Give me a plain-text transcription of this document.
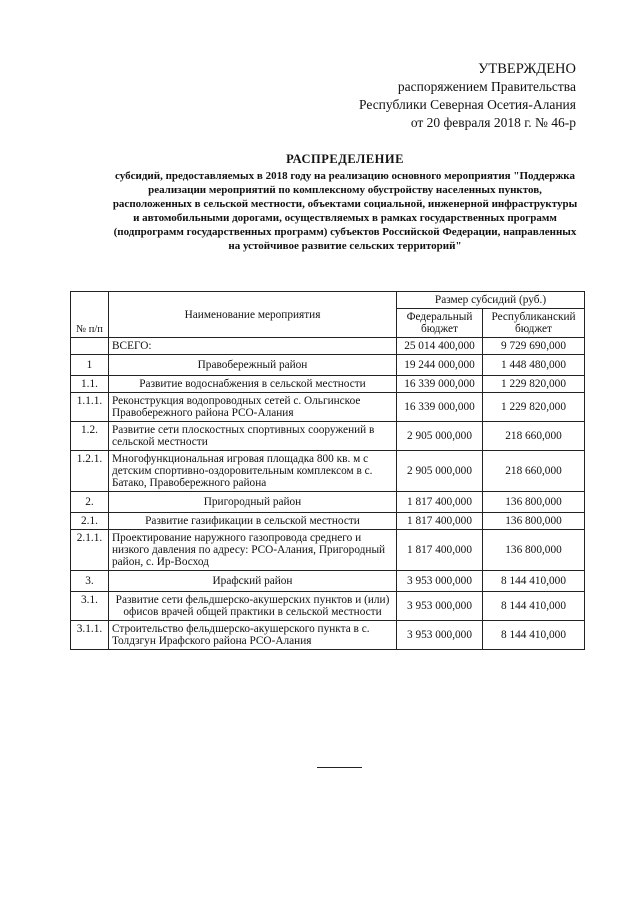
УТВЕРЖДЕНО
распоряжением Правительства
Республики Северная Осетия-Алания
от 20 февраля 2018 г. № 46-р
РАСПРЕДЕЛЕНИЕ
субсидий, предоставляемых в 2018 году на реализацию основного мероприятия "Поддержка реализации мероприятий по комплексному обустройству населенных пунктов, расположенных в сельской местности, объектами социальной, инженерной инфраструктуры и автомобильными дорогами, осуществляемых в рамках государственных программ (подпрограмм государственных программ) субъектов Российской Федерации, направленных на устойчивое развитие сельских территорий"
№ п/п	Наименование мероприятия	Размер субсидий (руб.)	
		Федеральный бюджет	Республиканский бюджет
	ВСЕГО:	25 014 400,000	9 729 690,000
1	Правобережный район	19 244 000,000	1 448 480,000
1.1.	Развитие водоснабжения в сельской местности	16 339 000,000	1 229 820,000
1.1.1.	Реконструкция водопроводных сетей с. Ольгинское Правобережного района РСО-Алания	16 339 000,000	1 229 820,000
1.2.	Развитие сети плоскостных спортивных сооружений в сельской местности	2 905 000,000	218 660,000
1.2.1.	Многофункциональная игровая площадка 800 кв. м с детским спортивно-оздоровительным комплексом в с. Батако, Правобережного района	2 905 000,000	218 660,000
2.	Пригородный район	1 817 400,000	136 800,000
2.1.	Развитие газификации в сельской местности	1 817 400,000	136 800,000
2.1.1.	Проектирование наружного газопровода среднего и низкого давления по адресу: РСО-Алания, Пригородный район, с. Ир-Восход	1 817 400,000	136 800,000
3.	Ирафский район	3 953 000,000	8 144 410,000
3.1.	Развитие сети фельдшерско-акушерских пунктов и (или) офисов врачей общей практики в сельской местности	3 953 000,000	8 144 410,000
3.1.1.	Строительство фельдшерско-акушерского пункта в с. Толдзгун Ирафского района РСО-Алания	3 953 000,000	8 144 410,000
